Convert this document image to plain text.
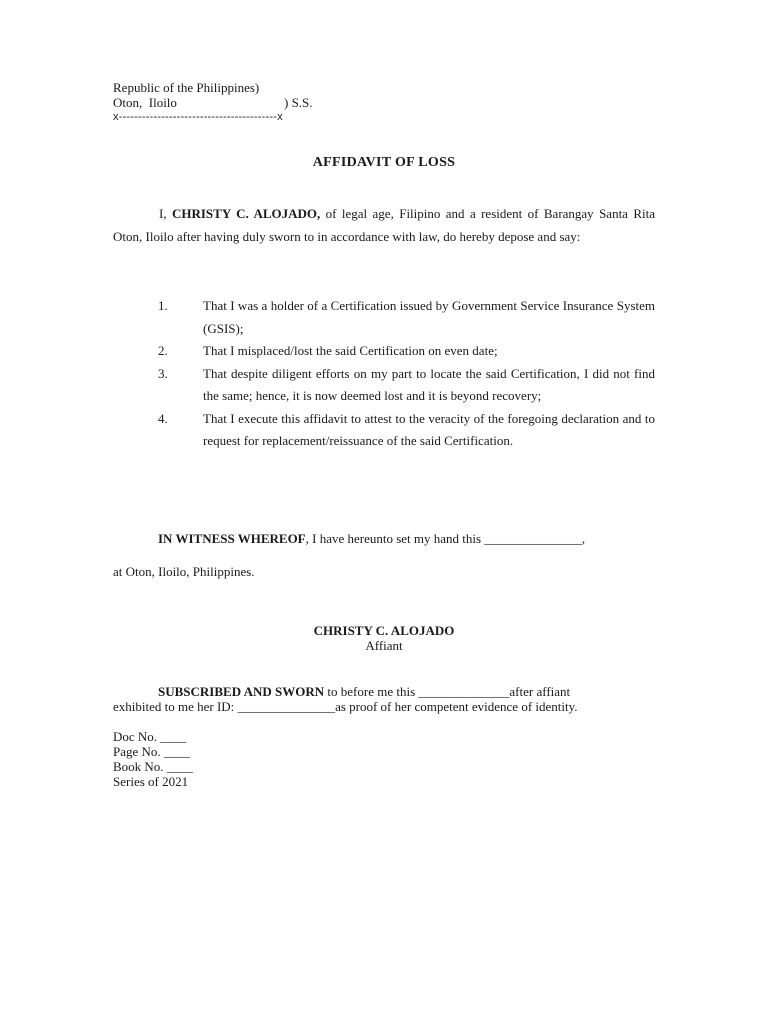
Republic of the Philippines)
Oton,  Iloilo	) S.S.
x-----------------------------------------x
AFFIDAVIT OF LOSS
I, CHRISTY C. ALOJADO, of legal age, Filipino and a resident of Barangay Santa Rita Oton, Iloilo after having duly sworn to in accordance with law, do hereby depose and say:
1.	That I was a holder of a Certification issued by Government Service Insurance System (GSIS);
2.	That I misplaced/lost the said Certification on even date;
3.	That despite diligent efforts on my part to locate the said Certification, I did not find the same; hence, it is now deemed lost and it is beyond recovery;
4.	That I execute this affidavit to attest to the veracity of the foregoing declaration and to request for replacement/reissuance of the said Certification.
IN WITNESS WHEREOF, I have hereunto set my hand this _______________,
at Oton, Iloilo, Philippines.
CHRISTY C. ALOJADO
Affiant
SUBSCRIBED AND SWORN to before me this ______________after affiant
exhibited to me her ID: _______________as proof of her competent evidence of identity.
Doc No. ____
Page No. ____
Book No. ____
Series of 2021
